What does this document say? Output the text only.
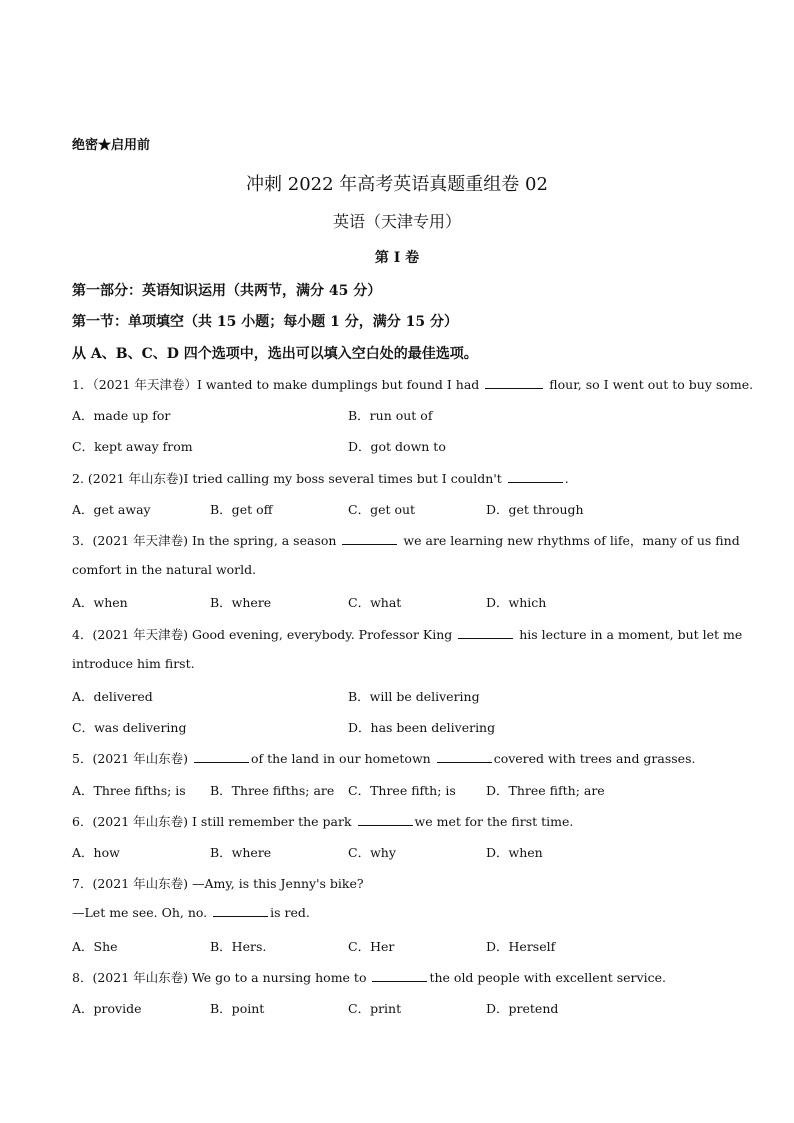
绝密★启用前
冲刺 2022 年高考英语真题重组卷 02
英语（天津专用）
第 I 卷
第一部分：英语知识运用（共两节，满分 45 分）
第一节：单项填空（共 15 小题；每小题 1 分，满分 15 分）
从 A、B、C、D 四个选项中，选出可以填入空白处的最佳选项。
1．（2021 年天津卷）I wanted to make dumplings but found I had	flour, so I went out to buy some.
A．made up for	B．run out of
C．kept away from	D．got down to
2. (2021 年山东卷)I tried calling my boss several times but I couldn't	.
A．get away	B．get off	C．get out	D．get through
3．(2021 年天津卷) In the spring, a season	we are learning new rhythms of life，many of us find
comfort in the natural world.
A．when	B．where	C．what	D．which
4．(2021 年天津卷) Good evening, everybody. Professor King	his lecture in a moment, but let me
introduce him first.
A．delivered	B．will be delivering
C．was delivering	D．has been delivering
5．(2021 年山东卷)	of the land in our hometown	covered with trees and grasses.
A．Three fifths; is B．Three fifths; are C．Three fifth; is D．Three fifth; are
6．(2021 年山东卷) I still remember the park	we met for the first time.
A．how	B．where	C．why	D．when
7．(2021 年山东卷) —Amy, is this Jenny's bike?
—Let me see. Oh, no.	is red.
A．She	B．Hers.	C．Her	D．Herself
8．(2021 年山东卷) We go to a nursing home to	the old people with excellent service.
A．provide	B．point	C．print	D．pretend
